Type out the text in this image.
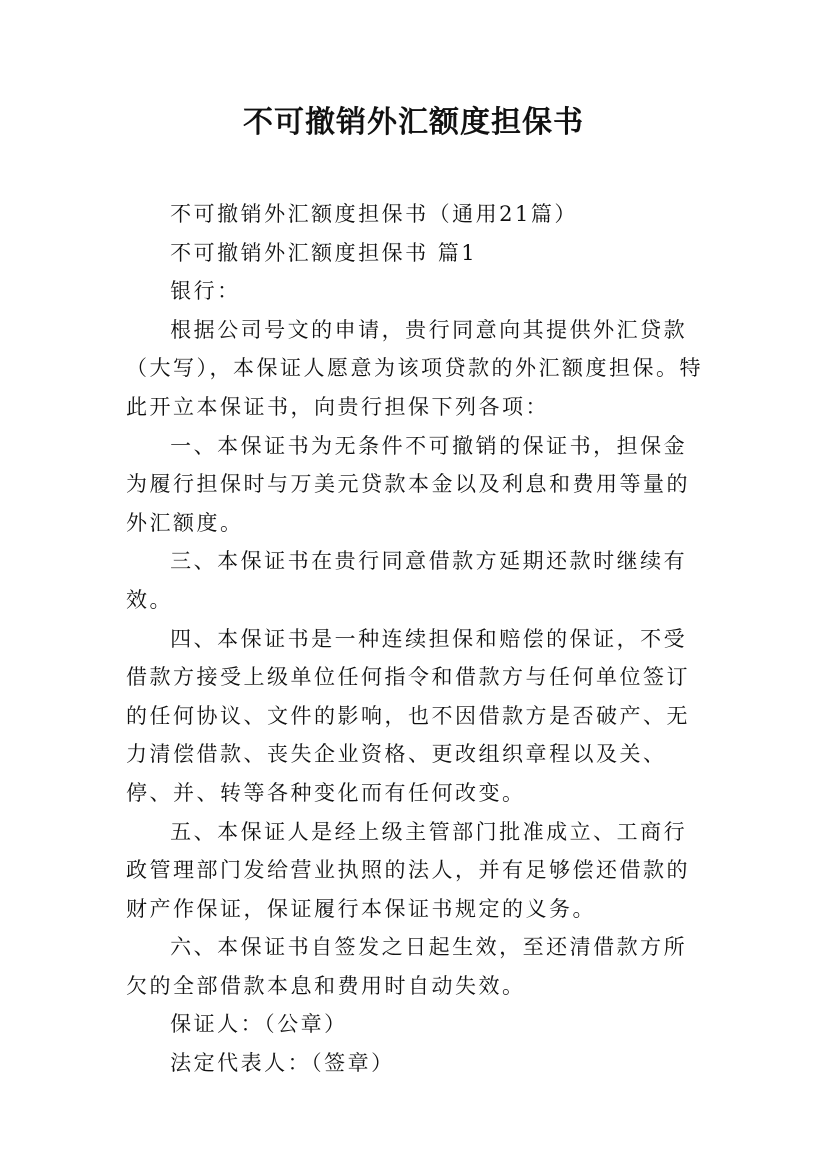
不可撤销外汇额度担保书

不可撤销外汇额度担保书（通用21篇）

不可撤销外汇额度担保书 篇1

银行：

根据公司号文的申请，贵行同意向其提供外汇贷款（大写），本保证人愿意为该项贷款的外汇额度担保。特此开立本保证书，向贵行担保下列各项：

一、本保证书为无条件不可撤销的保证书，担保金为履行担保时与万美元贷款本金以及利息和费用等量的外汇额度。

三、本保证书在贵行同意借款方延期还款时继续有效。

四、本保证书是一种连续担保和赔偿的保证，不受借款方接受上级单位任何指令和借款方与任何单位签订的任何协议、文件的影响，也不因借款方是否破产、无力清偿借款、丧失企业资格、更改组织章程以及关、停、并、转等各种变化而有任何改变。

五、本保证人是经上级主管部门批准成立、工商行政管理部门发给营业执照的法人，并有足够偿还借款的财产作保证，保证履行本保证书规定的义务。

六、本保证书自签发之日起生效，至还清借款方所欠的全部借款本息和费用时自动失效。

保证人：（公章）

法定代表人：（签章）
